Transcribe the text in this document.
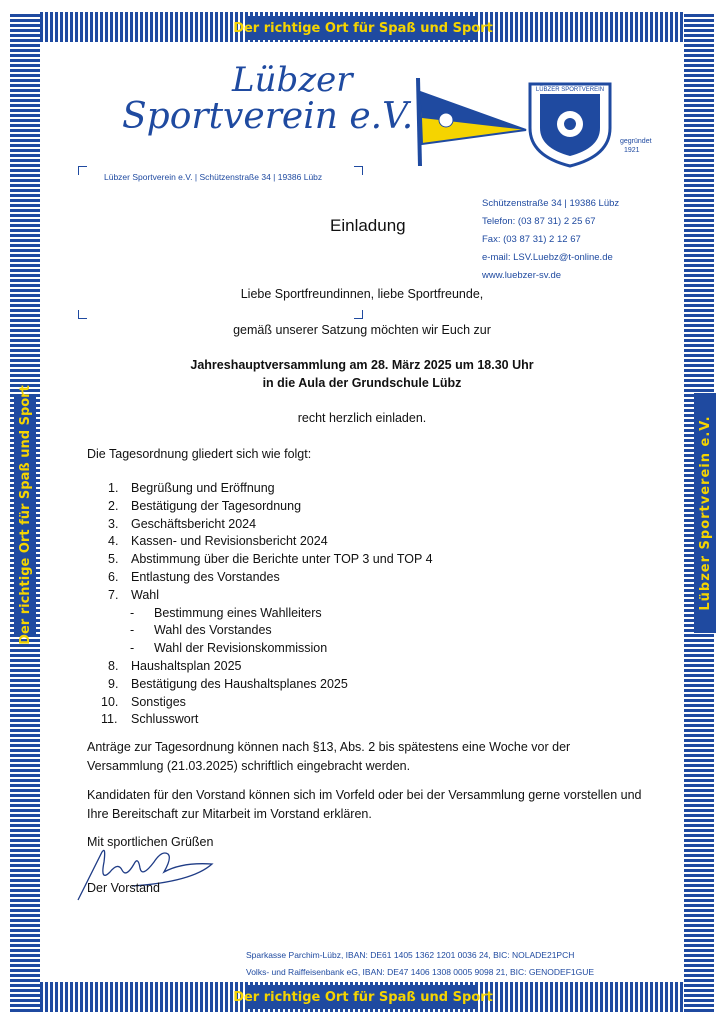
Der richtige Ort für Spaß und Sport
Der richtige Ort für Spaß und Sport
Der richtige Ort für Spaß und Sport	Lübzer Sportverein e.V.
Lübzer
Sportverein e.V.
LÜBZER SPORTVEREIN
gegründet
1921
Lübzer Sportverein e.V. | Schützenstraße 34 | 19386 Lübz
Schützenstraße 34 | 19386 Lübz
Telefon: (03 87 31) 2 25 67
Fax: (03 87 31) 2 12 67
e-mail: LSV.Luebz@t-online.de
www.luebzer-sv.de
Einladung
Liebe Sportfreundinnen, liebe Sportfreunde,
gemäß unserer Satzung möchten wir Euch zur
Jahreshauptversammlung am 28. März 2025 um 18.30 Uhr
in die Aula der Grundschule Lübz
recht herzlich einladen.
Die Tagesordnung gliedert sich wie folgt:
1. Begrüßung und Eröffnung
2. Bestätigung der Tagesordnung
3. Geschäftsbericht 2024
4. Kassen- und Revisionsbericht 2024
5. Abstimmung über die Berichte unter TOP 3 und TOP 4
6. Entlastung des Vorstandes
7. Wahl
- Bestimmung eines Wahlleiters
- Wahl des Vorstandes
- Wahl der Revisionskommission
8. Haushaltsplan 2025
9. Bestätigung des Haushaltsplanes 2025
10. Sonstiges
11. Schlusswort
Anträge zur Tagesordnung können nach §13, Abs. 2 bis spätestens eine Woche vor der Versammlung (21.03.2025) schriftlich eingebracht werden.
Kandidaten für den Vorstand können sich im Vorfeld oder bei der Versammlung gerne vorstellen und Ihre Bereitschaft zur Mitarbeit im Vorstand erklären.
Mit sportlichen Grüßen
Der Vorstand
Sparkasse Parchim-Lübz, IBAN: DE61 1405 1362 1201 0036 24, BIC: NOLADE21PCH
Volks- und Raiffeisenbank eG, IBAN: DE47 1406 1308 0005 9098 21, BIC: GENODEF1GUE
